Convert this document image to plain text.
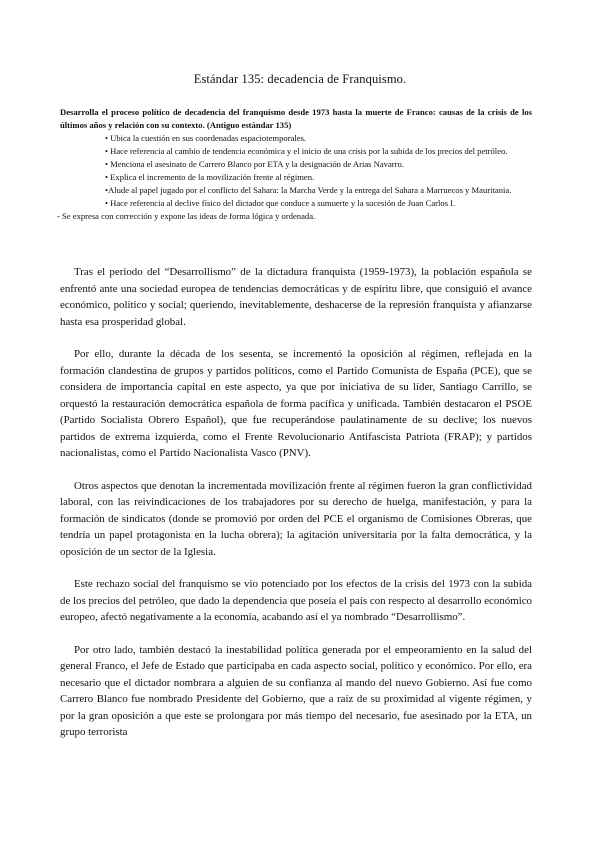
Estándar 135: decadencia de Franquismo.

Desarrolla el proceso político de decadencia del franquismo desde 1973 hasta la muerte de Franco: causas de la crisis de los últimos años y relación con su contexto. (Antiguo estándar 135)

• Ubica la cuestión en sus coordenadas espaciotemporales.
• Hace referencia al cambio de tendencia económica y el inicio de una crisis por la subida de los precios del petróleo.
• Menciona el asesinato de Carrero Blanco por ETA y la designación de Arias Navarro.
• Explica el incremento de la movilización frente al régimen.
•Alude al papel jugado por el conflicto del Sahara: la Marcha Verde y la entrega del Sahara a Marruecos y Mauritania.
• Hace referencia al declive físico del dictador que conduce a sumuerte y la sucesión de Juan Carlos I.

- Se expresa con corrección y expone las ideas de forma lógica y ordenada.

Tras el periodo del “Desarrollismo” de la dictadura franquista (1959-1973), la población española se enfrentó ante una sociedad europea de tendencias democráticas y de espíritu libre, que consiguió el avance económico, político y social; queriendo, inevitablemente, deshacerse de la represión franquista y afianzarse hasta esa prosperidad global.

Por ello, durante la década de los sesenta, se incrementó la oposición al régimen, reflejada en la formación clandestina de grupos y partidos políticos, como el Partido Comunista de España (PCE), que se considera de importancia capital en este aspecto, ya que por iniciativa de su líder, Santiago Carrillo, se orquestó la restauración democrática española de forma pacífica y unificada. También destacaron el PSOE (Partido Socialista Obrero Español), que fue recuperándose paulatinamente de su declive; los nuevos partidos de extrema izquierda, como el Frente Revolucionario Antifascista Patriota (FRAP); y partidos nacionalistas, como el Partido Nacionalista Vasco (PNV).

Otros aspectos que denotan la incrementada movilización frente al régimen fueron la gran conflictividad laboral, con las reivindicaciones de los trabajadores por su derecho de huelga, manifestación, y para la formación de sindicatos (donde se promovió por orden del PCE el organismo de Comisiones Obreras, que tendría un papel protagonista en la lucha obrera); la agitación universitaria por la falta democrática, y la oposición de un sector de la Iglesia.

Este rechazo social del franquismo se vio potenciado por los efectos de la crisis del 1973 con la subida de los precios del petróleo, que dado la dependencia que poseía el país con respecto al desarrollo económico europeo, afectó negativamente a la economía, acabando así el ya nombrado “Desarrollismo”.

Por otro lado, también destacó la inestabilidad política generada por el empeoramiento en la salud del general Franco, el Jefe de Estado que participaba en cada aspecto social, político y económico. Por ello, era necesario que el dictador nombrara a alguien de su confianza al mando del nuevo Gobierno. Así fue como Carrero Blanco fue nombrado Presidente del Gobierno, que a raíz de su proximidad al vigente régimen, y por la gran oposición a que este se prolongara por más tiempo del necesario, fue asesinado por la ETA, un grupo terrorista
